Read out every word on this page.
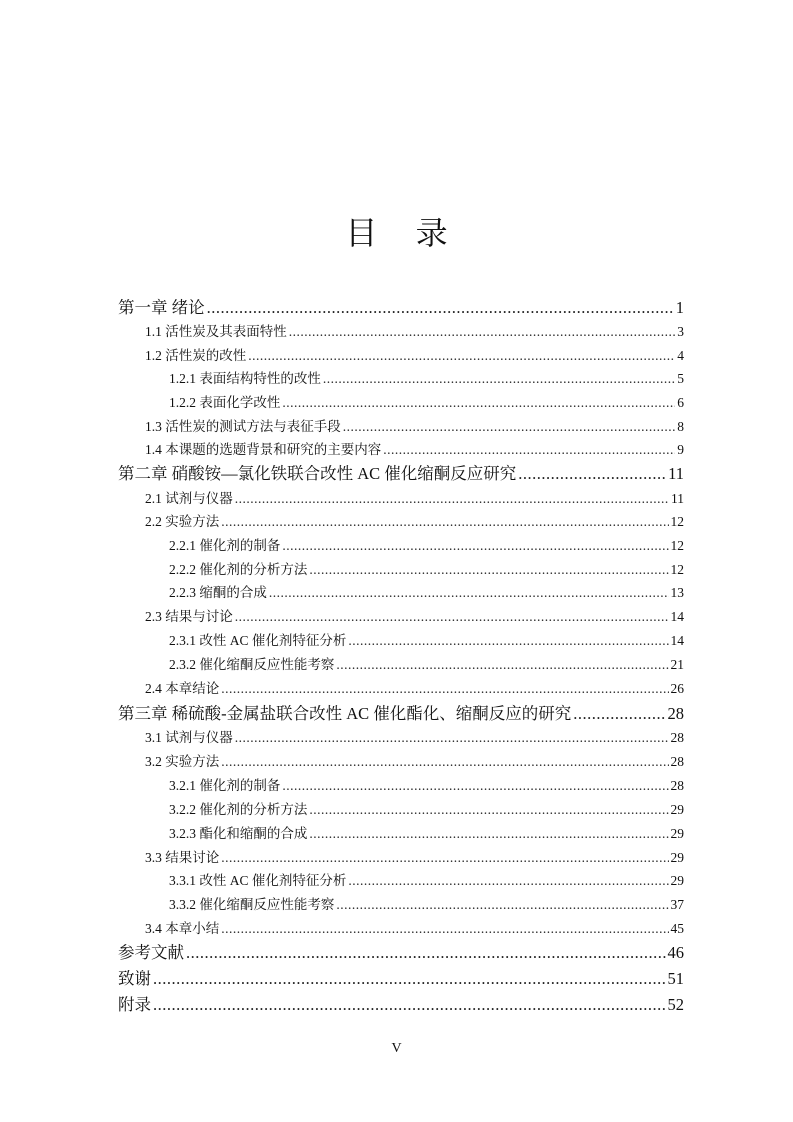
目 录
第一章 绪论 .....	1
1.1 活性炭及其表面特性 .....	3
1.2 活性炭的改性 .....	4
1.2.1 表面结构特性的改性 .....	5
1.2.2 表面化学改性 .....	6
1.3 活性炭的测试方法与表征手段 .....	8
1.4 本课题的选题背景和研究的主要内容 .....	9
第二章 硝酸铵—氯化铁联合改性 AC 催化缩酮反应研究 .....	11
2.1 试剂与仪器 .....	11
2.2 实验方法 .....	12
2.2.1 催化剂的制备 .....	12
2.2.2 催化剂的分析方法 .....	12
2.2.3 缩酮的合成 .....	13
2.3 结果与讨论 .....	14
2.3.1 改性 AC 催化剂特征分析 .....	14
2.3.2 催化缩酮反应性能考察 .....	21
2.4 本章结论 .....	26
第三章 稀硫酸-金属盐联合改性 AC 催化酯化、缩酮反应的研究 .....	28
3.1 试剂与仪器 .....	28
3.2 实验方法 .....	28
3.2.1 催化剂的制备 .....	28
3.2.2 催化剂的分析方法 .....	29
3.2.3 酯化和缩酮的合成 .....	29
3.3 结果讨论 .....	29
3.3.1 改性 AC 催化剂特征分析 .....	29
3.3.2 催化缩酮反应性能考察 .....	37
3.4 本章小结 .....	45
参考文献 .....	46
致谢 .....	51
附录 .....	52
V
